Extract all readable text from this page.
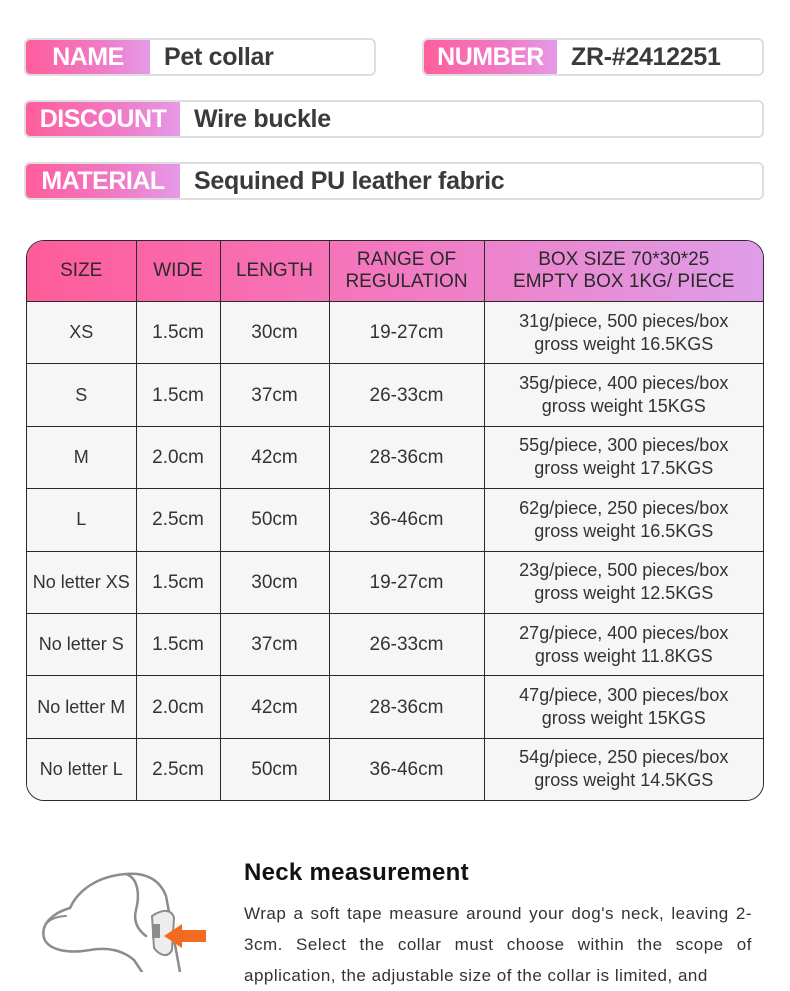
NAME	Pet collar	NUMBER	ZR-#2412251
DISCOUNT	Wire buckle
MATERIAL	Sequined PU leather fabric
SIZE	WIDE	LENGTH	RANGE OF REGULATION	BOX SIZE 70*30*25 EMPTY BOX 1KG/ PIECE
XS	1.5cm	30cm	19-27cm	31g/piece, 500 pieces/box
gross weight 16.5KGS

S	1.5cm	37cm	26-33cm	35g/piece, 400 pieces/box
gross weight 15KGS

M	2.0cm	42cm	28-36cm	55g/piece, 300 pieces/box
gross weight 17.5KGS

L	2.5cm	50cm	36-46cm	62g/piece, 250 pieces/box
gross weight 16.5KGS

No letter XS	1.5cm	30cm	19-27cm	23g/piece, 500 pieces/box
gross weight 12.5KGS

No letter S	1.5cm	37cm	26-33cm	27g/piece, 400 pieces/box
gross weight 11.8KGS

No letter M	2.0cm	42cm	28-36cm	47g/piece, 300 pieces/box
gross weight 15KGS

No letter L	2.5cm	50cm	36-46cm	54g/piece, 250 pieces/box
gross weight 14.5KGS
Neck measurement
Wrap a soft tape measure around your dog's neck, leaving 2-3cm. Select the collar must choose within the scope of application, the adjustable size of the collar is limited, and
